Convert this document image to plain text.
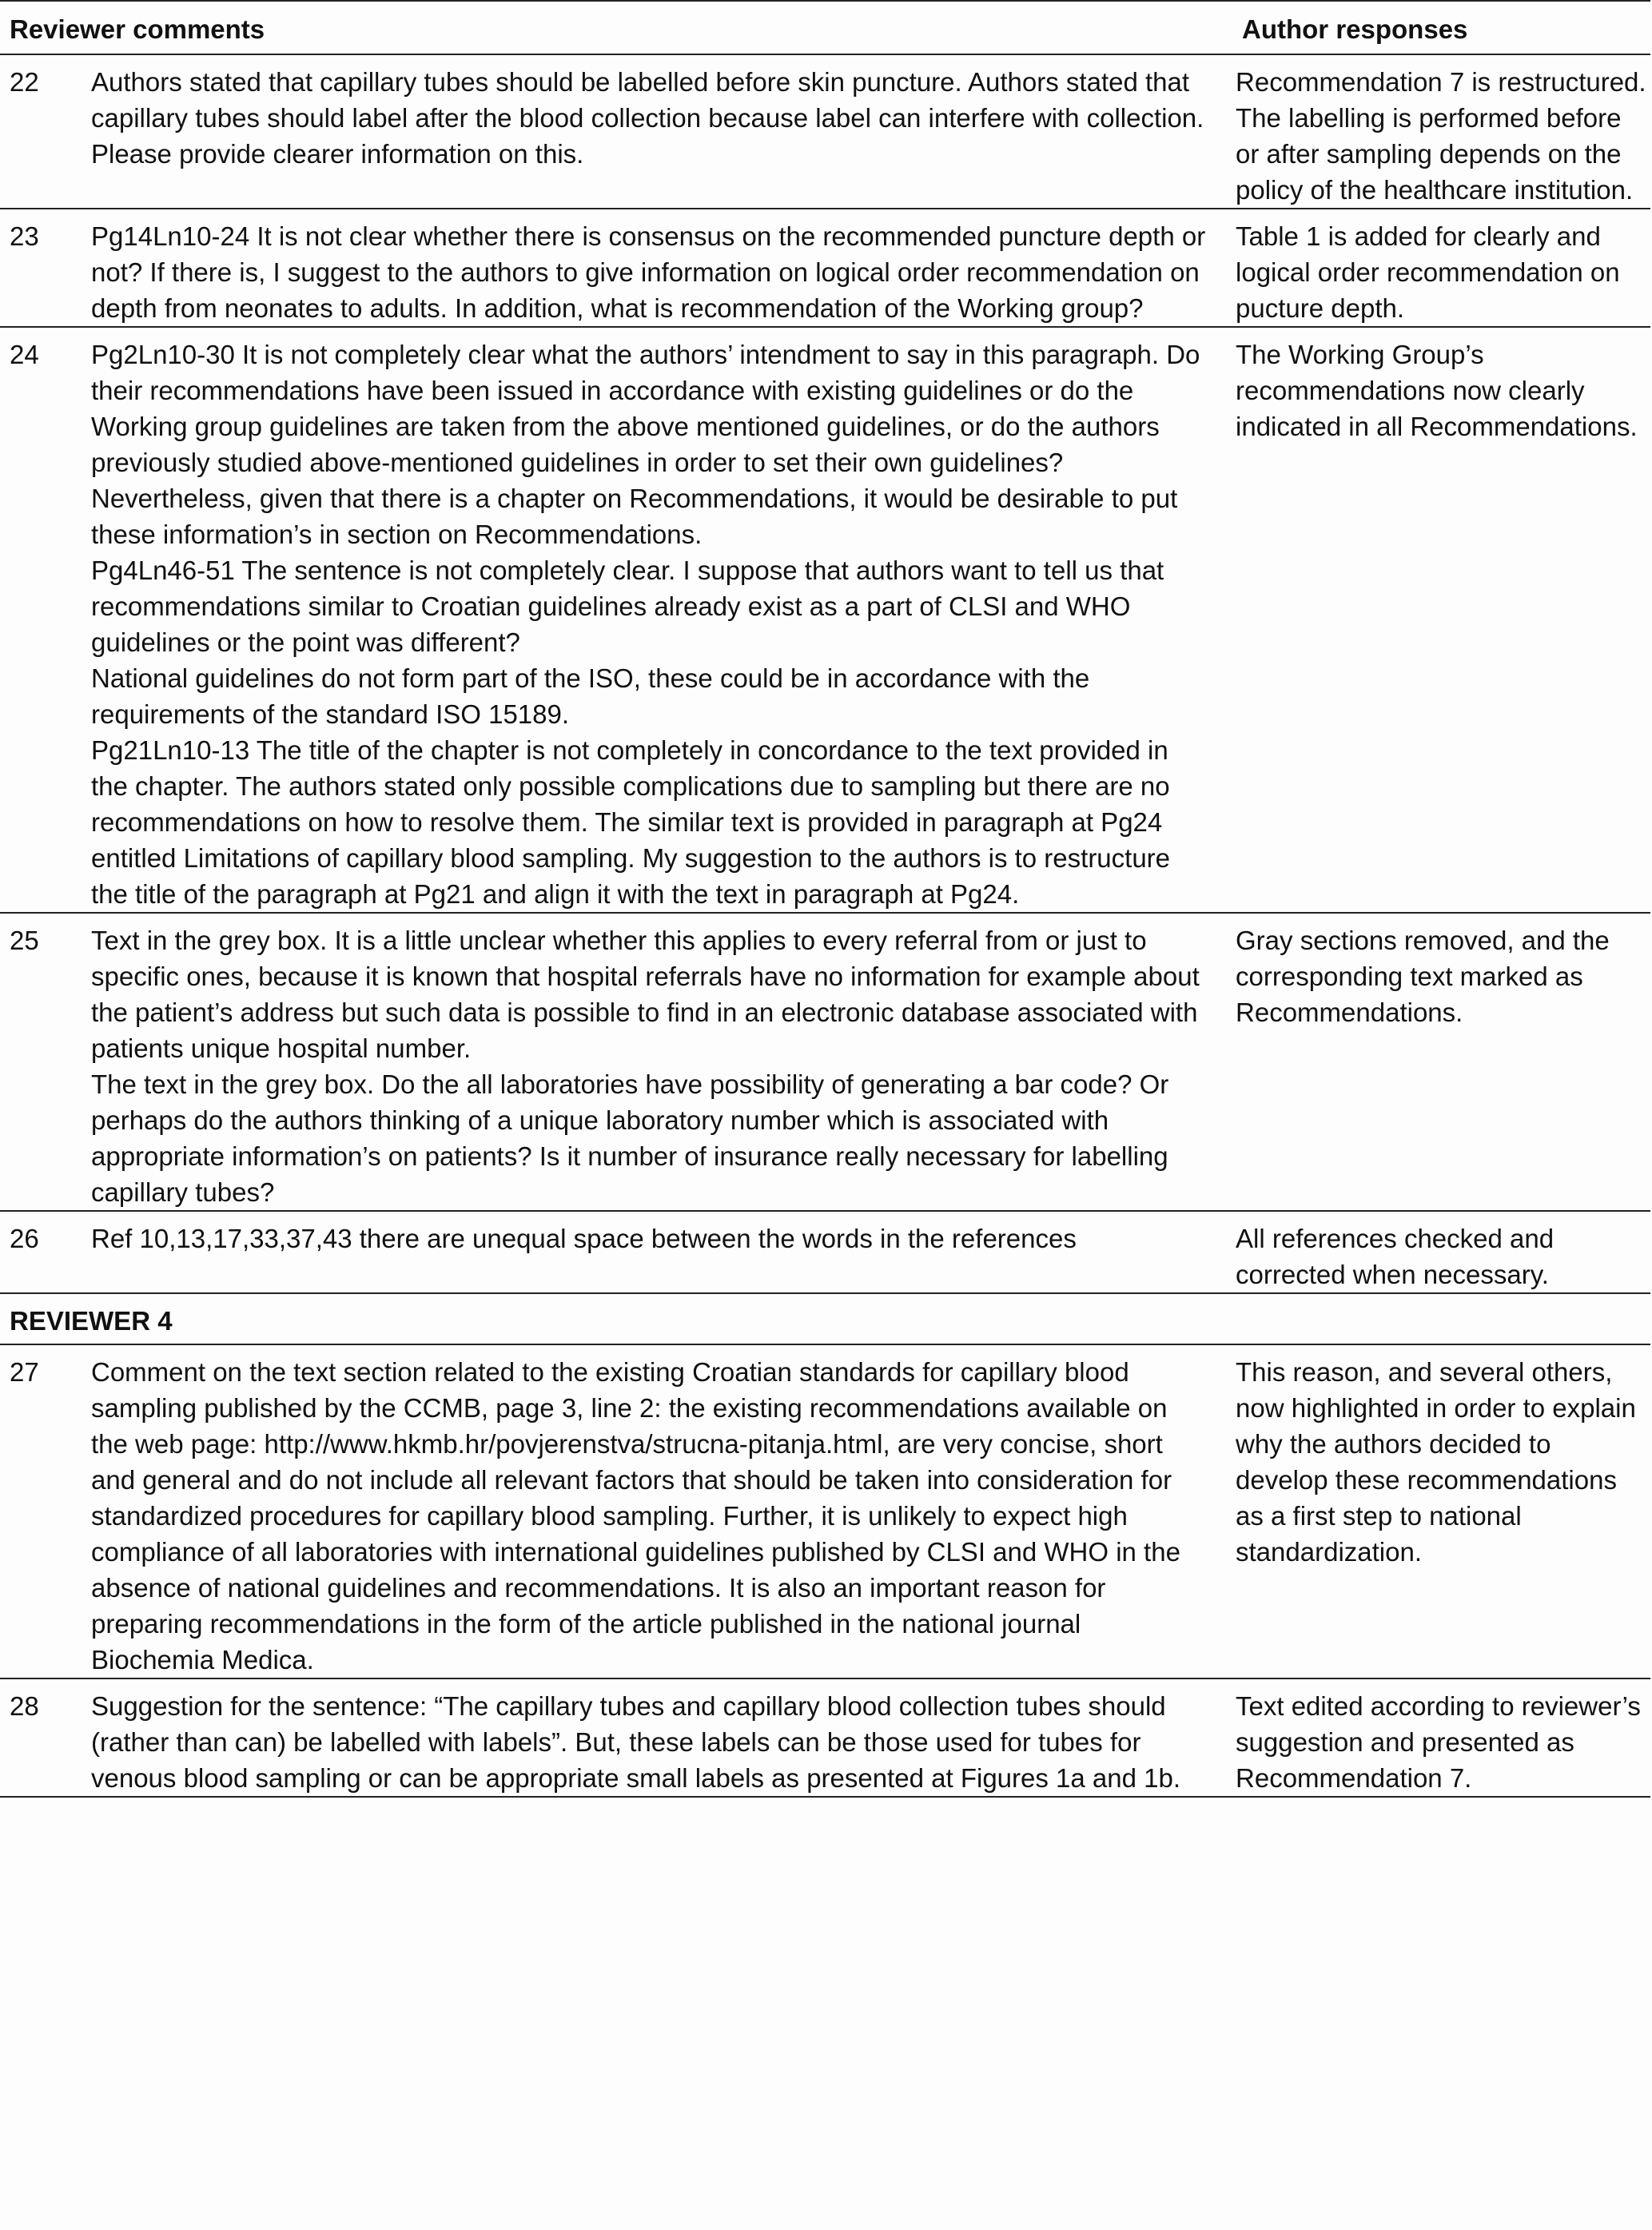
Reviewer comments		Author responses
22	Authors stated that capillary tubes should be labelled before skin puncture. Authors stated that capillary tubes should label after the blood collection because label can interfere with collection. Please provide clearer information on this.	Recommendation 7 is restructured. The labelling is performed before or after sampling depends on the policy of the healthcare institution.
23	Pg14Ln10-24 It is not clear whether there is consensus on the recommended puncture depth or not? If there is, I suggest to the authors to give information on logical order recommendation on depth from neonates to adults. In addition, what is recommendation of the Working group?	Table 1 is added for clearly and logical order recommendation on pucture depth.
24	Pg2Ln10-30 It is not completely clear what the authors’ intendment to say in this paragraph. Do their recommendations have been issued in accordance with existing guidelines or do the Working group guidelines are taken from the above mentioned guidelines, or do the authors previously studied above-mentioned guidelines in order to set their own guidelines? Nevertheless, given that there is a chapter on Recommendations, it would be desirable to put these information’s in section on Recommendations.
Pg4Ln46-51 The sentence is not completely clear. I suppose that authors want to tell us that recommendations similar to Croatian guidelines already exist as a part of CLSI and WHO guidelines or the point was different?
National guidelines do not form part of the ISO, these could be in accordance with the requirements of the standard ISO 15189.
Pg21Ln10-13 The title of the chapter is not completely in concordance to the text provided in the chapter. The authors stated only possible complications due to sampling but there are no recommendations on how to resolve them. The similar text is provided in paragraph at Pg24 entitled Limitations of capillary blood sampling. My suggestion to the authors is to restructure the title of the paragraph at Pg21 and align it with the text in paragraph at Pg24.	The Working Group’s recommendations now clearly indicated in all Recommendations.
25	Text in the grey box. It is a little unclear whether this applies to every referral from or just to specific ones, because it is known that hospital referrals have no information for example about the patient’s address but such data is possible to find in an electronic database associated with patients unique hospital number.
The text in the grey box. Do the all laboratories have possibility of generating a bar code? Or perhaps do the authors thinking of a unique laboratory number which is associated with appropriate information’s on patients? Is it number of insurance really necessary for labelling capillary tubes?	Gray sections removed, and the corresponding text marked as Recommendations.
26	Ref 10,13,17,33,37,43 there are unequal space between the words in the references	All references checked and corrected when necessary.
REVIEWER 4		
27	Comment on the text section related to the existing Croatian standards for capillary blood sampling published by the CCMB, page 3, line 2: the existing recommendations available on the web page: http://www.hkmb.hr/povjerenstva/strucna-pitanja.html, are very concise, short and general and do not include all relevant factors that should be taken into consideration for standardized procedures for capillary blood sampling. Further, it is unlikely to expect high compliance of all laboratories with international guidelines published by CLSI and WHO in the absence of national guidelines and recommendations. It is also an important reason for preparing recommendations in the form of the article published in the national journal Biochemia Medica.	This reason, and several others, now highlighted in order to explain why the authors decided to develop these recommendations as a first step to national standardization.
28	Suggestion for the sentence: “The capillary tubes and capillary blood collection tubes should (rather than can) be labelled with labels”. But, these labels can be those used for tubes for venous blood sampling or can be appropriate small labels as presented at Figures 1a and 1b.	Text edited according to reviewer’s suggestion and presented as Recommendation 7.
